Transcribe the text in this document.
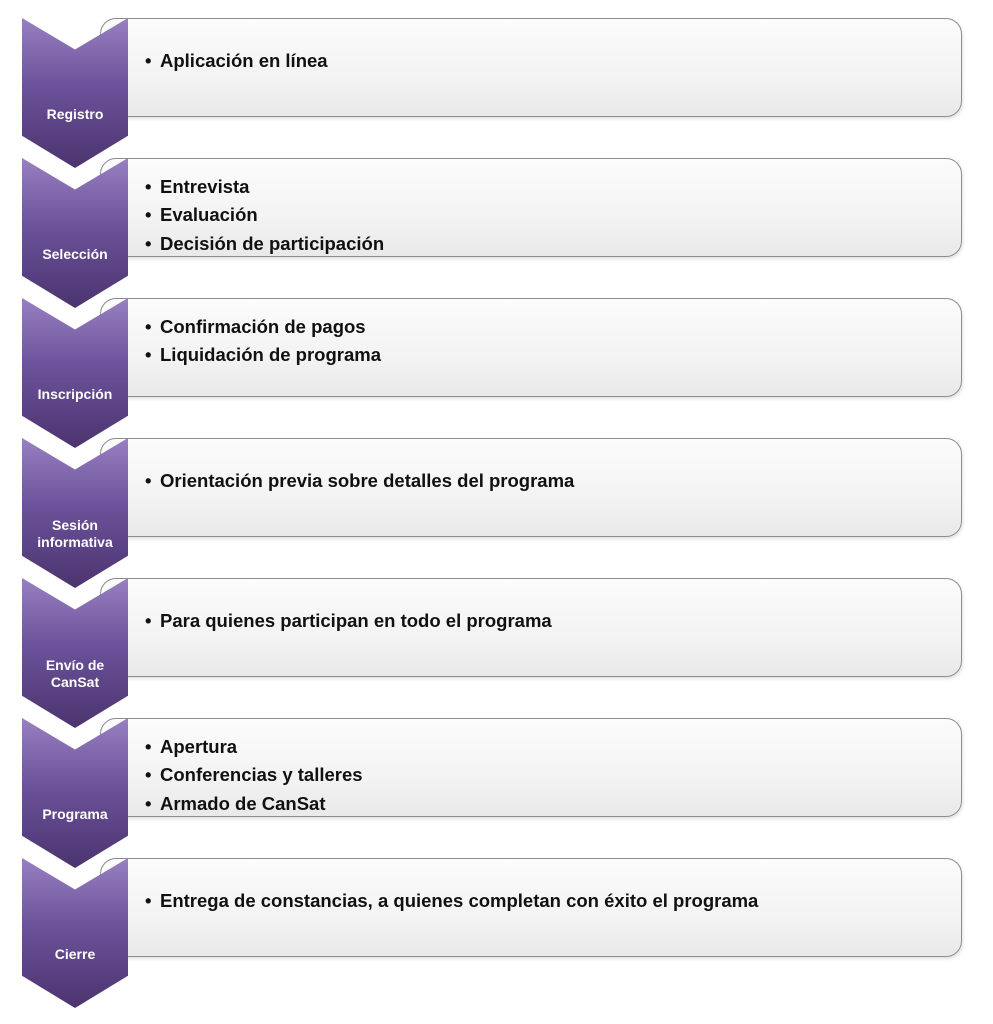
• Aplicación en línea
• Entrevista
• Evaluación
• Decisión de participación
• Confirmación de pagos
• Liquidación de programa
• Orientación previa sobre detalles del programa
• Para quienes participan en todo el programa
• Apertura
• Conferencias y talleres
• Armado de CanSat
• Entrega de constancias, a quienes completan con éxito el programa
Registro
Selección
Inscripción
Sesión informativa
Envío de CanSat
Programa
Cierre
